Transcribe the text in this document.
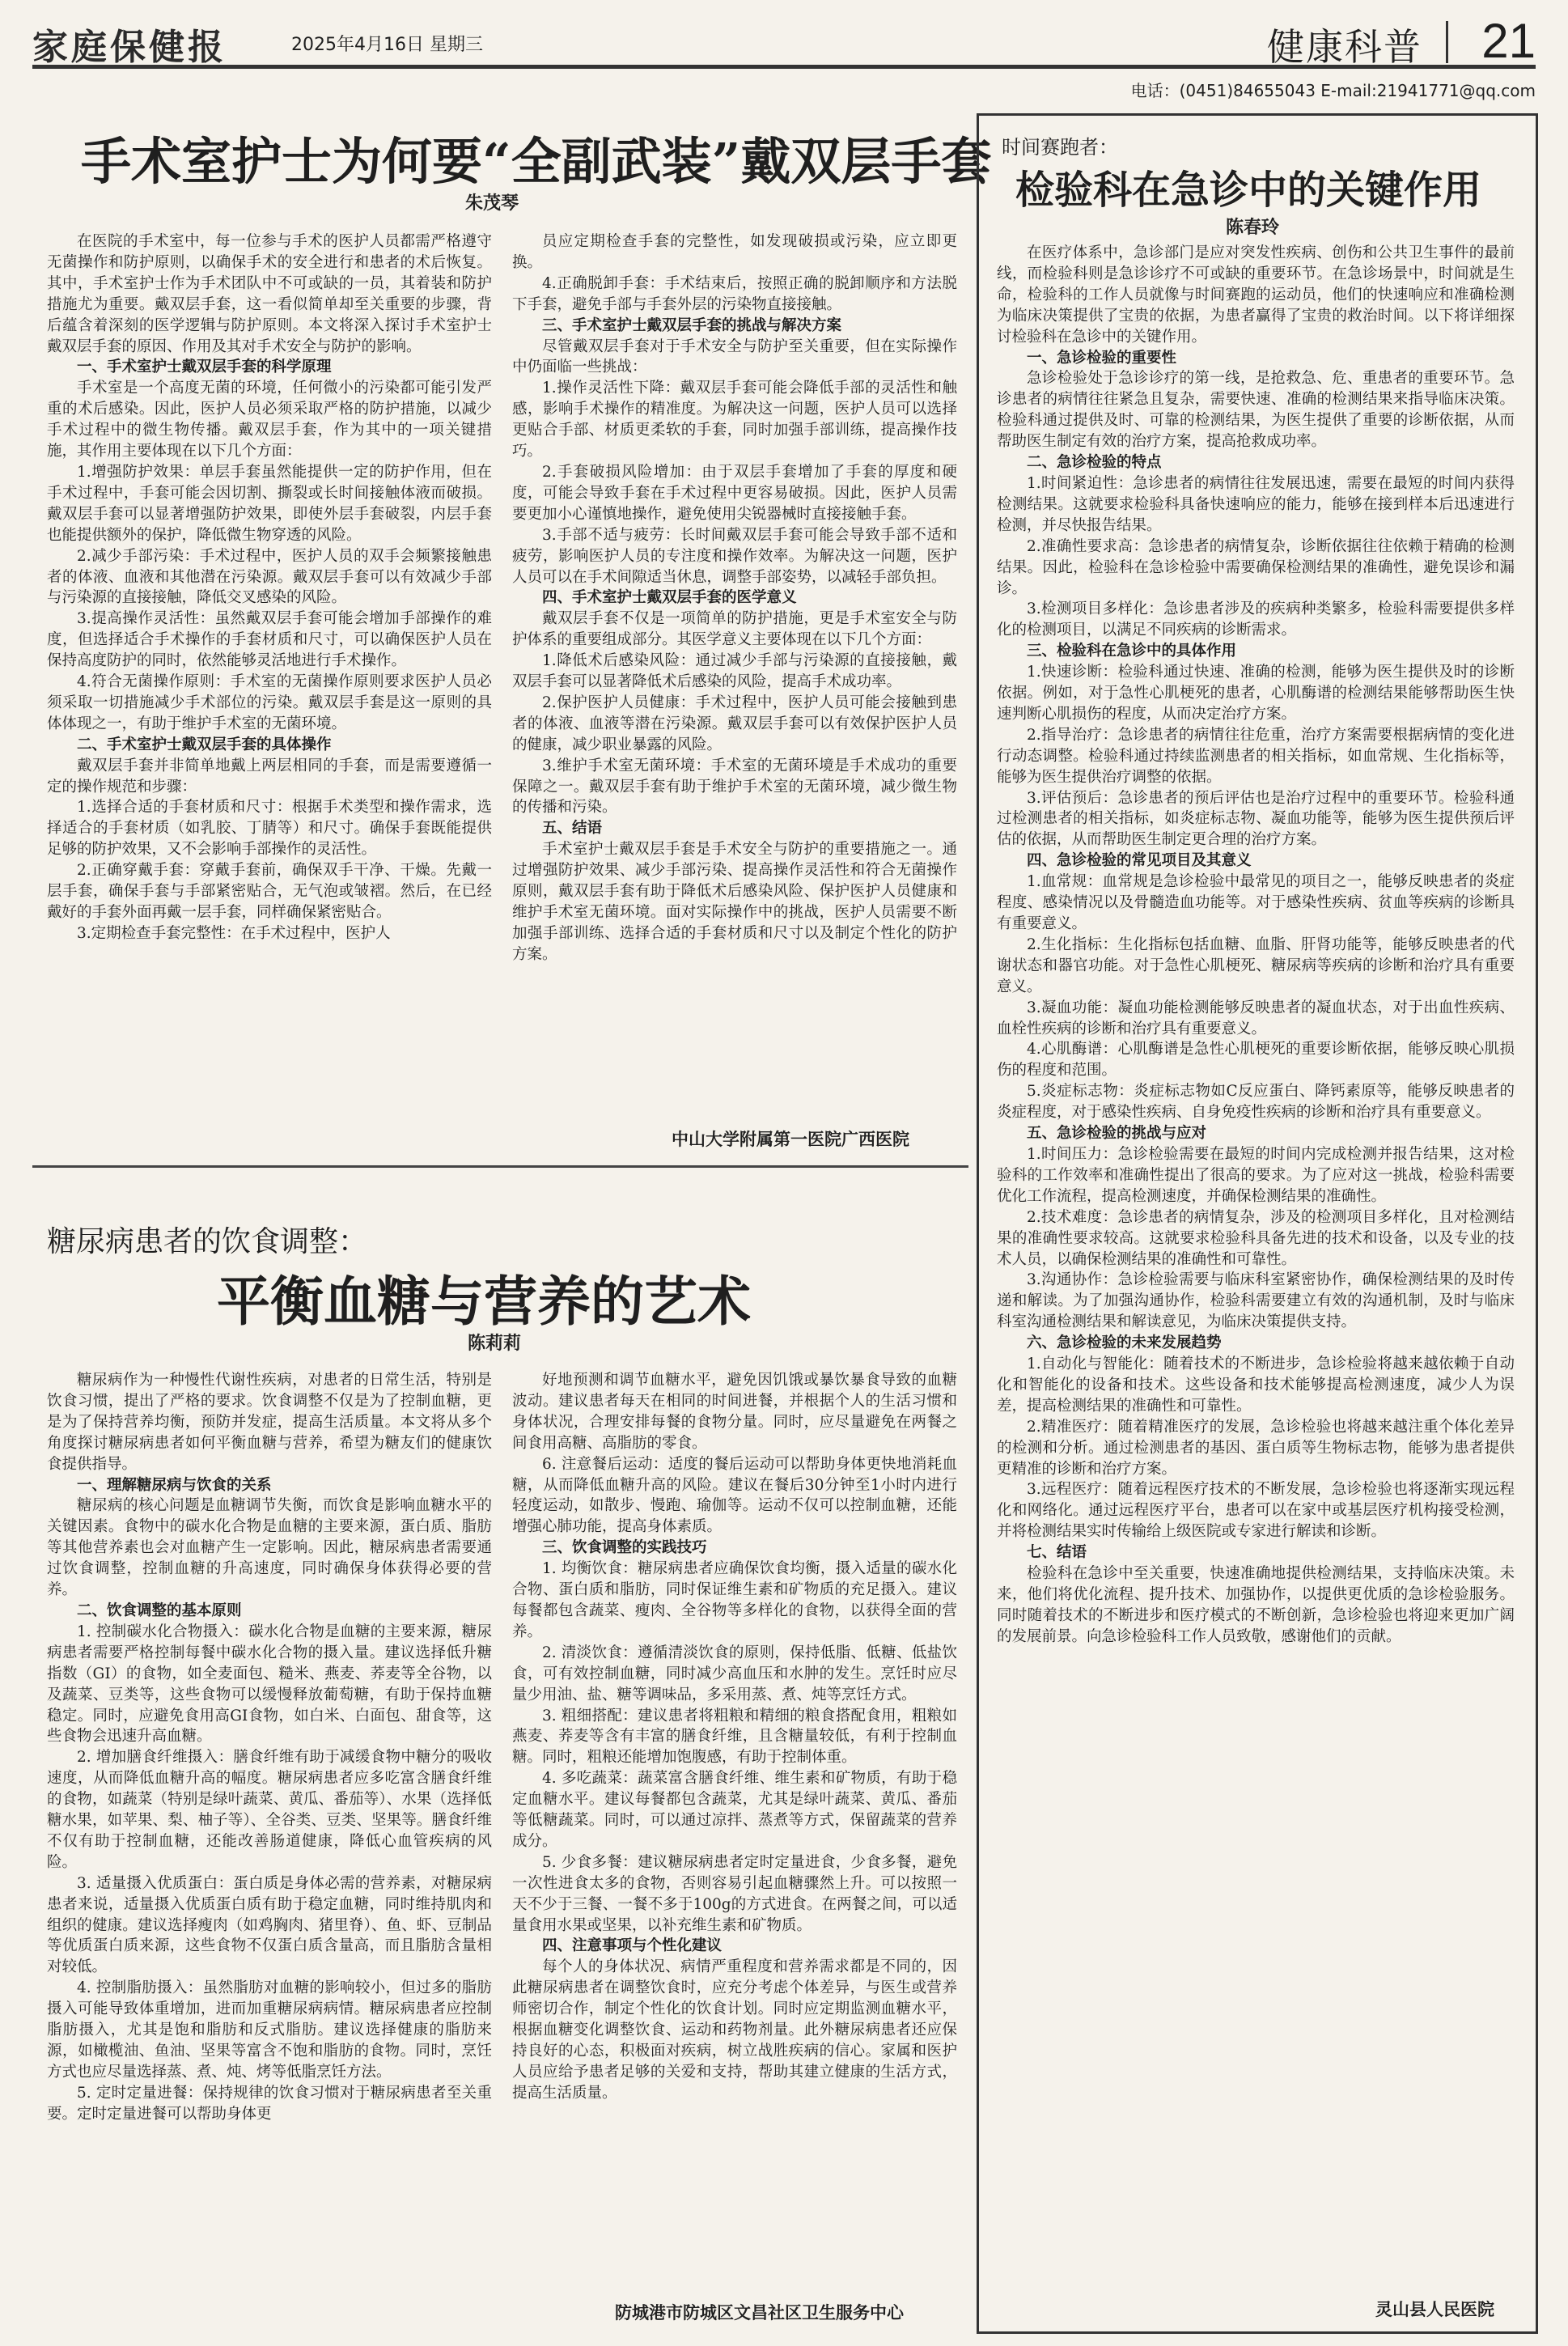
家庭保健报	2025年4月16日 星期三	健康科普 21
电话：(0451)84655043 E-mail:21941771@qq.com
手术室护士为何要“全副武装”戴双层手套
朱茂琴

在医院的手术室中，每一位参与手术的医护人员都需严格遵守无菌操作和防护原则，以确保手术的安全进行和患者的术后恢复。其中，手术室护士作为手术团队中不可或缺的一员，其着装和防护措施尤为重要。戴双层手套，这一看似简单却至关重要的步骤，背后蕴含着深刻的医学逻辑与防护原则。本文将深入探讨手术室护士戴双层手套的原因、作用及其对手术安全与防护的影响。

一、手术室护士戴双层手套的科学原理

手术室是一个高度无菌的环境，任何微小的污染都可能引发严重的术后感染。因此，医护人员必须采取严格的防护措施，以减少手术过程中的微生物传播。戴双层手套，作为其中的一项关键措施，其作用主要体现在以下几个方面：

1.增强防护效果：单层手套虽然能提供一定的防护作用，但在手术过程中，手套可能会因切割、撕裂或长时间接触体液而破损。戴双层手套可以显著增强防护效果，即使外层手套破裂，内层手套也能提供额外的保护，降低微生物穿透的风险。

2.减少手部污染：手术过程中，医护人员的双手会频繁接触患者的体液、血液和其他潜在污染源。戴双层手套可以有效减少手部与污染源的直接接触，降低交叉感染的风险。

3.提高操作灵活性：虽然戴双层手套可能会增加手部操作的难度，但选择适合手术操作的手套材质和尺寸，可以确保医护人员在保持高度防护的同时，依然能够灵活地进行手术操作。

4.符合无菌操作原则：手术室的无菌操作原则要求医护人员必须采取一切措施减少手术部位的污染。戴双层手套是这一原则的具体体现之一，有助于维护手术室的无菌环境。

二、手术室护士戴双层手套的具体操作

戴双层手套并非简单地戴上两层相同的手套，而是需要遵循一定的操作规范和步骤：

1.选择合适的手套材质和尺寸：根据手术类型和操作需求，选择适合的手套材质（如乳胶、丁腈等）和尺寸。确保手套既能提供足够的防护效果，又不会影响手部操作的灵活性。

2.正确穿戴手套：穿戴手套前，确保双手干净、干燥。先戴一层手套，确保手套与手部紧密贴合，无气泡或皱褶。然后，在已经戴好的手套外面再戴一层手套，同样确保紧密贴合。

3.定期检查手套完整性：在手术过程中，医护人

员应定期检查手套的完整性，如发现破损或污染，应立即更换。

4.正确脱卸手套：手术结束后，按照正确的脱卸顺序和方法脱下手套，避免手部与手套外层的污染物直接接触。

三、手术室护士戴双层手套的挑战与解决方案

尽管戴双层手套对于手术安全与防护至关重要，但在实际操作中仍面临一些挑战：

1.操作灵活性下降：戴双层手套可能会降低手部的灵活性和触感，影响手术操作的精准度。为解决这一问题，医护人员可以选择更贴合手部、材质更柔软的手套，同时加强手部训练，提高操作技巧。

2.手套破损风险增加：由于双层手套增加了手套的厚度和硬度，可能会导致手套在手术过程中更容易破损。因此，医护人员需要更加小心谨慎地操作，避免使用尖锐器械时直接接触手套。

3.手部不适与疲劳：长时间戴双层手套可能会导致手部不适和疲劳，影响医护人员的专注度和操作效率。为解决这一问题，医护人员可以在手术间隙适当休息，调整手部姿势，以减轻手部负担。

四、手术室护士戴双层手套的医学意义

戴双层手套不仅是一项简单的防护措施，更是手术室安全与防护体系的重要组成部分。其医学意义主要体现在以下几个方面：

1.降低术后感染风险：通过减少手部与污染源的直接接触，戴双层手套可以显著降低术后感染的风险，提高手术成功率。

2.保护医护人员健康：手术过程中，医护人员可能会接触到患者的体液、血液等潜在污染源。戴双层手套可以有效保护医护人员的健康，减少职业暴露的风险。

3.维护手术室无菌环境：手术室的无菌环境是手术成功的重要保障之一。戴双层手套有助于维护手术室的无菌环境，减少微生物的传播和污染。

五、结语

手术室护士戴双层手套是手术安全与防护的重要措施之一。通过增强防护效果、减少手部污染、提高操作灵活性和符合无菌操作原则，戴双层手套有助于降低术后感染风险、保护医护人员健康和维护手术室无菌环境。面对实际操作中的挑战，医护人员需要不断加强手部训练、选择合适的手套材质和尺寸以及制定个性化的防护方案。

中山大学附属第一医院广西医院
糖尿病患者的饮食调整：
平衡血糖与营养的艺术
陈莉莉

糖尿病作为一种慢性代谢性疾病，对患者的日常生活，特别是饮食习惯，提出了严格的要求。饮食调整不仅是为了控制血糖，更是为了保持营养均衡，预防并发症，提高生活质量。本文将从多个角度探讨糖尿病患者如何平衡血糖与营养，希望为糖友们的健康饮食提供指导。

一、理解糖尿病与饮食的关系

糖尿病的核心问题是血糖调节失衡，而饮食是影响血糖水平的关键因素。食物中的碳水化合物是血糖的主要来源，蛋白质、脂肪等其他营养素也会对血糖产生一定影响。因此，糖尿病患者需要通过饮食调整，控制血糖的升高速度，同时确保身体获得必要的营养。

二、饮食调整的基本原则

1. 控制碳水化合物摄入：碳水化合物是血糖的主要来源，糖尿病患者需要严格控制每餐中碳水化合物的摄入量。建议选择低升糖指数（GI）的食物，如全麦面包、糙米、燕麦、荞麦等全谷物，以及蔬菜、豆类等，这些食物可以缓慢释放葡萄糖，有助于保持血糖稳定。同时，应避免食用高GI食物，如白米、白面包、甜食等，这些食物会迅速升高血糖。

2. 增加膳食纤维摄入：膳食纤维有助于减缓食物中糖分的吸收速度，从而降低血糖升高的幅度。糖尿病患者应多吃富含膳食纤维的食物，如蔬菜（特别是绿叶蔬菜、黄瓜、番茄等）、水果（选择低糖水果，如苹果、梨、柚子等）、全谷类、豆类、坚果等。膳食纤维不仅有助于控制血糖，还能改善肠道健康，降低心血管疾病的风险。

3. 适量摄入优质蛋白：蛋白质是身体必需的营养素，对糖尿病患者来说，适量摄入优质蛋白质有助于稳定血糖，同时维持肌肉和组织的健康。建议选择瘦肉（如鸡胸肉、猪里脊）、鱼、虾、豆制品等优质蛋白质来源，这些食物不仅蛋白质含量高，而且脂肪含量相对较低。

4. 控制脂肪摄入：虽然脂肪对血糖的影响较小，但过多的脂肪摄入可能导致体重增加，进而加重糖尿病病情。糖尿病患者应控制脂肪摄入，尤其是饱和脂肪和反式脂肪。建议选择健康的脂肪来源，如橄榄油、鱼油、坚果等富含不饱和脂肪的食物。同时，烹饪方式也应尽量选择蒸、煮、炖、烤等低脂烹饪方法。

5. 定时定量进餐：保持规律的饮食习惯对于糖尿病患者至关重要。定时定量进餐可以帮助身体更

好地预测和调节血糖水平，避免因饥饿或暴饮暴食导致的血糖波动。建议患者每天在相同的时间进餐，并根据个人的生活习惯和身体状况，合理安排每餐的食物分量。同时，应尽量避免在两餐之间食用高糖、高脂肪的零食。

6. 注意餐后运动：适度的餐后运动可以帮助身体更快地消耗血糖，从而降低血糖升高的风险。建议在餐后30分钟至1小时内进行轻度运动，如散步、慢跑、瑜伽等。运动不仅可以控制血糖，还能增强心肺功能，提高身体素质。

三、饮食调整的实践技巧

1. 均衡饮食：糖尿病患者应确保饮食均衡，摄入适量的碳水化合物、蛋白质和脂肪，同时保证维生素和矿物质的充足摄入。建议每餐都包含蔬菜、瘦肉、全谷物等多样化的食物，以获得全面的营养。

2. 清淡饮食：遵循清淡饮食的原则，保持低脂、低糖、低盐饮食，可有效控制血糖，同时减少高血压和水肿的发生。烹饪时应尽量少用油、盐、糖等调味品，多采用蒸、煮、炖等烹饪方式。

3. 粗细搭配：建议患者将粗粮和精细的粮食搭配食用，粗粮如燕麦、荞麦等含有丰富的膳食纤维，且含糖量较低，有利于控制血糖。同时，粗粮还能增加饱腹感，有助于控制体重。

4. 多吃蔬菜：蔬菜富含膳食纤维、维生素和矿物质，有助于稳定血糖水平。建议每餐都包含蔬菜，尤其是绿叶蔬菜、黄瓜、番茄等低糖蔬菜。同时，可以通过凉拌、蒸煮等方式，保留蔬菜的营养成分。

5. 少食多餐：建议糖尿病患者定时定量进食，少食多餐，避免一次性进食太多的食物，否则容易引起血糖骤然上升。可以按照一天不少于三餐、一餐不多于100g的方式进食。在两餐之间，可以适量食用水果或坚果，以补充维生素和矿物质。

四、注意事项与个性化建议

每个人的身体状况、病情严重程度和营养需求都是不同的，因此糖尿病患者在调整饮食时，应充分考虑个体差异，与医生或营养师密切合作，制定个性化的饮食计划。同时应定期监测血糖水平，根据血糖变化调整饮食、运动和药物剂量。此外糖尿病患者还应保持良好的心态，积极面对疾病，树立战胜疾病的信心。家属和医护人员应给予患者足够的关爱和支持，帮助其建立健康的生活方式，提高生活质量。

防城港市防城区文昌社区卫生服务中心
时间赛跑者：
检验科在急诊中的关键作用
陈春玲

在医疗体系中，急诊部门是应对突发性疾病、创伤和公共卫生事件的最前线，而检验科则是急诊诊疗不可或缺的重要环节。在急诊场景中，时间就是生命，检验科的工作人员就像与时间赛跑的运动员，他们的快速响应和准确检测为临床决策提供了宝贵的依据，为患者赢得了宝贵的救治时间。以下将详细探讨检验科在急诊中的关键作用。

一、急诊检验的重要性

急诊检验处于急诊诊疗的第一线，是抢救急、危、重患者的重要环节。急诊患者的病情往往紧急且复杂，需要快速、准确的检测结果来指导临床决策。检验科通过提供及时、可靠的检测结果，为医生提供了重要的诊断依据，从而帮助医生制定有效的治疗方案，提高抢救成功率。

二、急诊检验的特点

1.时间紧迫性：急诊患者的病情往往发展迅速，需要在最短的时间内获得检测结果。这就要求检验科具备快速响应的能力，能够在接到样本后迅速进行检测，并尽快报告结果。

2.准确性要求高：急诊患者的病情复杂，诊断依据往往依赖于精确的检测结果。因此，检验科在急诊检验中需要确保检测结果的准确性，避免误诊和漏诊。

3.检测项目多样化：急诊患者涉及的疾病种类繁多，检验科需要提供多样化的检测项目，以满足不同疾病的诊断需求。

三、检验科在急诊中的具体作用

1.快速诊断：检验科通过快速、准确的检测，能够为医生提供及时的诊断依据。例如，对于急性心肌梗死的患者，心肌酶谱的检测结果能够帮助医生快速判断心肌损伤的程度，从而决定治疗方案。

2.指导治疗：急诊患者的病情往往危重，治疗方案需要根据病情的变化进行动态调整。检验科通过持续监测患者的相关指标，如血常规、生化指标等，能够为医生提供治疗调整的依据。

3.评估预后：急诊患者的预后评估也是治疗过程中的重要环节。检验科通过检测患者的相关指标，如炎症标志物、凝血功能等，能够为医生提供预后评估的依据，从而帮助医生制定更合理的治疗方案。

四、急诊检验的常见项目及其意义

1.血常规：血常规是急诊检验中最常见的项目之一，能够反映患者的炎症程度、感染情况以及骨髓造血功能等。对于感染性疾病、贫血等疾病的诊断具有重要意义。

2.生化指标：生化指标包括血糖、血脂、肝肾功能等，能够反映患者的代谢状态和器官功能。对于急性心肌梗死、糖尿病等疾病的诊断和治疗具有重要意义。

3.凝血功能：凝血功能检测能够反映患者的凝血状态，对于出血性疾病、血栓性疾病的诊断和治疗具有重要意义。

4.心肌酶谱：心肌酶谱是急性心肌梗死的重要诊断依据，能够反映心肌损伤的程度和范围。

5.炎症标志物：炎症标志物如C反应蛋白、降钙素原等，能够反映患者的炎症程度，对于感染性疾病、自身免疫性疾病的诊断和治疗具有重要意义。

五、急诊检验的挑战与应对

1.时间压力：急诊检验需要在最短的时间内完成检测并报告结果，这对检验科的工作效率和准确性提出了很高的要求。为了应对这一挑战，检验科需要优化工作流程，提高检测速度，并确保检测结果的准确性。

2.技术难度：急诊患者的病情复杂，涉及的检测项目多样化，且对检测结果的准确性要求较高。这就要求检验科具备先进的技术和设备，以及专业的技术人员，以确保检测结果的准确性和可靠性。

3.沟通协作：急诊检验需要与临床科室紧密协作，确保检测结果的及时传递和解读。为了加强沟通协作，检验科需要建立有效的沟通机制，及时与临床科室沟通检测结果和解读意见，为临床决策提供支持。

六、急诊检验的未来发展趋势

1.自动化与智能化：随着技术的不断进步，急诊检验将越来越依赖于自动化和智能化的设备和技术。这些设备和技术能够提高检测速度，减少人为误差，提高检测结果的准确性和可靠性。

2.精准医疗：随着精准医疗的发展，急诊检验也将越来越注重个体化差异的检测和分析。通过检测患者的基因、蛋白质等生物标志物，能够为患者提供更精准的诊断和治疗方案。

3.远程医疗：随着远程医疗技术的不断发展，急诊检验也将逐渐实现远程化和网络化。通过远程医疗平台，患者可以在家中或基层医疗机构接受检测，并将检测结果实时传输给上级医院或专家进行解读和诊断。

七、结语

检验科在急诊中至关重要，快速准确地提供检测结果，支持临床决策。未来，他们将优化流程、提升技术、加强协作，以提供更优质的急诊检验服务。同时随着技术的不断进步和医疗模式的不断创新，急诊检验也将迎来更加广阔的发展前景。向急诊检验科工作人员致敬，感谢他们的贡献。

灵山县人民医院
